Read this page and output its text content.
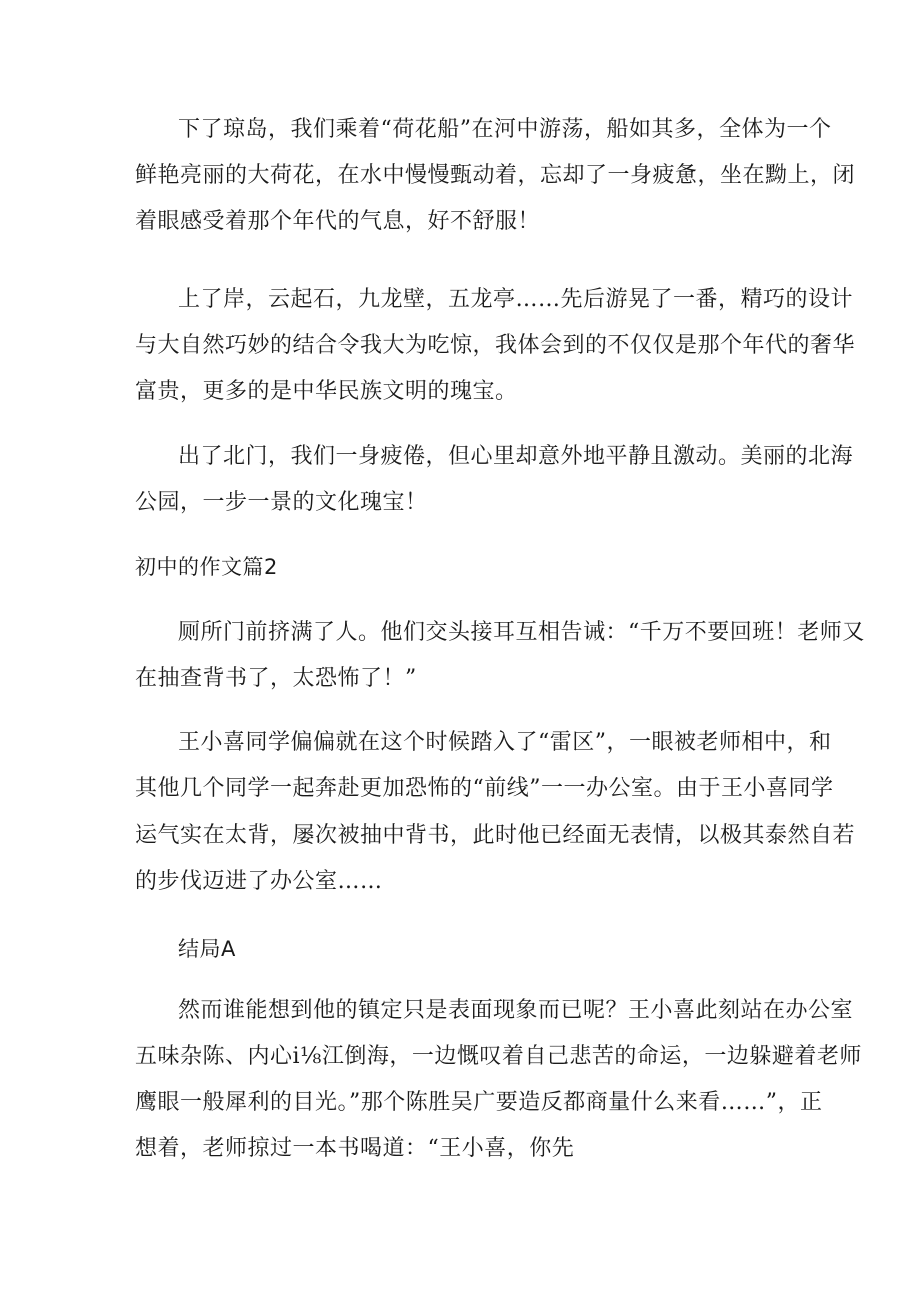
下了琼岛，我们乘着“荷花船”在河中游荡，船如其多，全体为一个
鲜艳亮丽的大荷花，在水中慢慢甄动着，忘却了一身疲惫，坐在黝上，闭
着眼感受着那个年代的气息，好不舒服！
上了岸，云起石，九龙壁，五龙亭……先后游晃了一番，精巧的设计
与大自然巧妙的结合令我大为吃惊，我体会到的不仅仅是那个年代的奢华
富贵，更多的是中华民族文明的瑰宝。
出了北门，我们一身疲倦，但心里却意外地平静且激动。美丽的北海
公园，一步一景的文化瑰宝！
初中的作文篇2
厕所门前挤满了人。他们交头接耳互相告诫：“千万不要回班！老师又
在抽查背书了，太恐怖了！”
王小喜同学偏偏就在这个时候踏入了“雷区”，一眼被老师相中，和
其他几个同学一起奔赴更加恐怖的“前线”一一办公室。由于王小喜同学
运气实在太背，屡次被抽中背书，此时他已经面无表情，以极其泰然自若
的步伐迈进了办公室……
结局A
然而谁能想到他的镇定只是表面现象而已呢？王小喜此刻站在办公室
五味杂陈、内心i⅛江倒海，一边慨叹着自己悲苦的命运，一边躲避着老师
鹰眼一般犀利的目光。”那个陈胜吴广要造反都商量什么来看……”，正
想着，老师掠过一本书喝道：“王小喜，你先
